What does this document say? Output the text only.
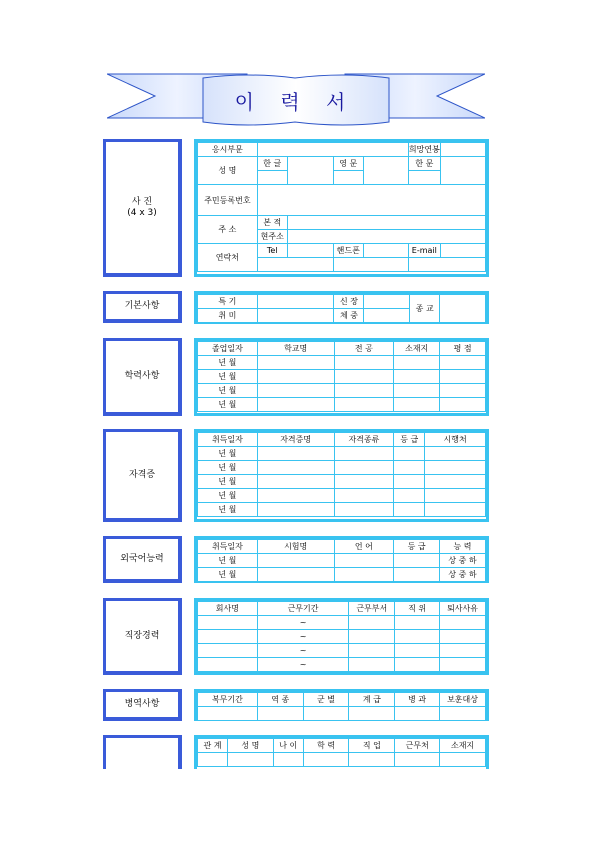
이 력 서
사 진
(4 x 3)
응시부문					희망연봉	
성 명	한 글		영 문		한 문	

주민등록번호						
주 소	본 적					
	현주소					
연락처	Tel		핸드폰		E-mail	

기본사항	특 기		신 장		종 교	
취 미		체 중			
학력사항
졸업일자	학교명	전 공	소재지	평 점
년 월				
년 월				
년 월				
년 월				
자격증
취득일자	자격증명	자격종류	등 급	시행처
년 월				
년 월				
년 월				
년 월				
년 월				
외국어능력
취득일자	시험명	언 어	등 급	능 력
년 월				상 중 하
년 월				상 중 하
직장경력
회사명	근무기간	근무부서	직 위	퇴사사유
	~			
	~			
	~			
	~			
병역사항	복무기간	역 종	군 별	계 급	병 과	보훈대상

관 계	성 명	나 이	학 력	직 업	근무처	소재지
